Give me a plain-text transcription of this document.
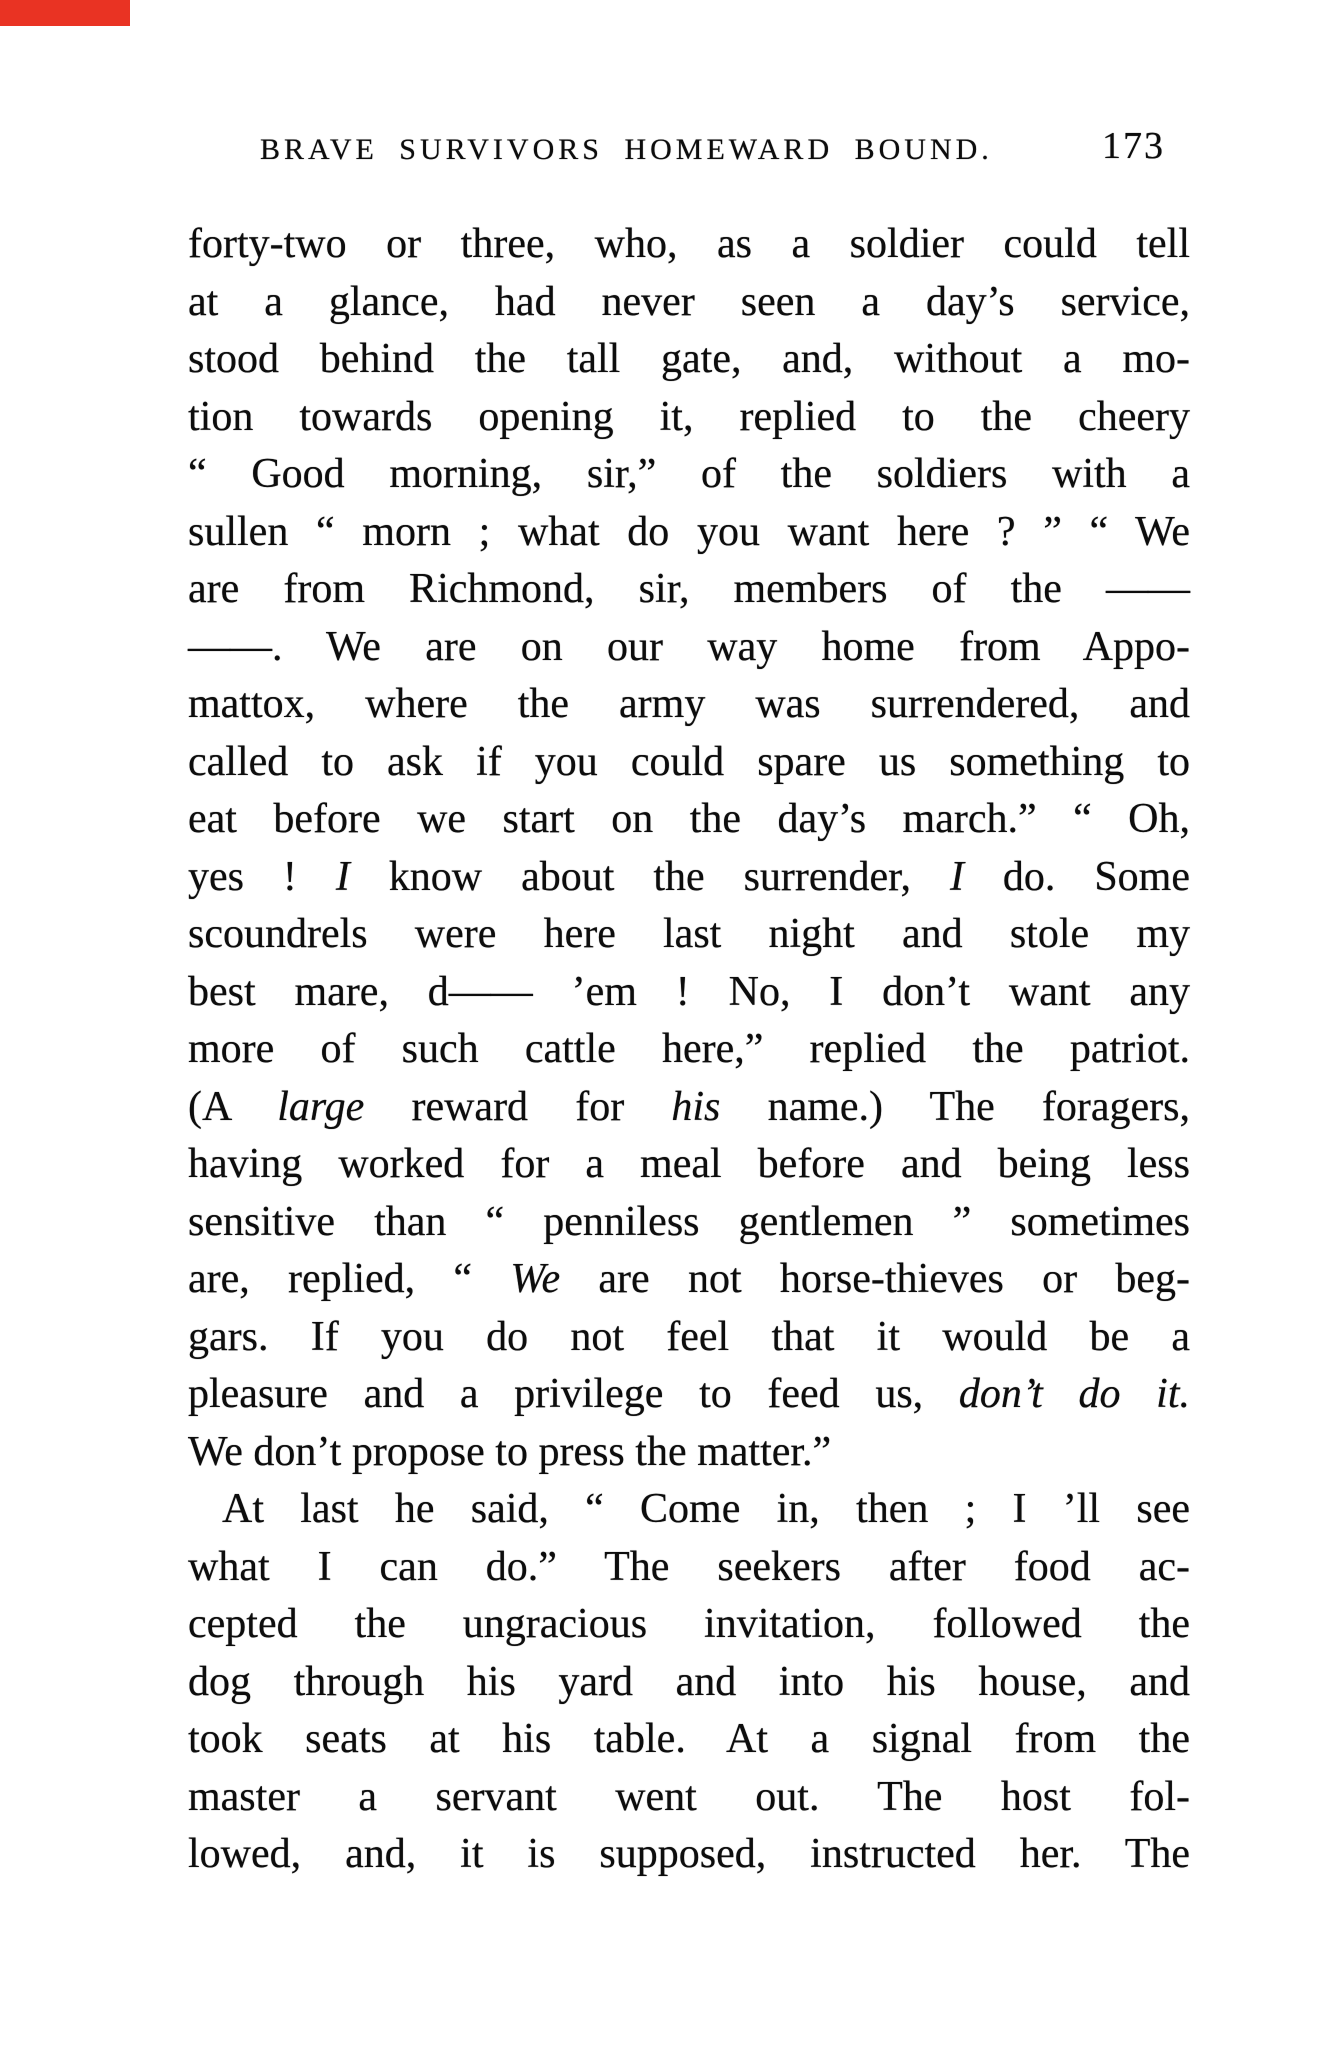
BRAVE SURVIVORS HOMEWARD BOUND.	173
forty-two or three, who, as a soldier could tell
at a glance, had never seen a day’s service,
stood behind the tall gate, and, without a mo-
tion towards opening it, replied to the cheery
“ Good morning, sir,” of the soldiers with a
sullen “ morn ; what do you want here ? ” “ We
are from Richmond, sir, members of the ——
——. We are on our way home from Appo-
mattox, where the army was surrendered, and
called to ask if you could spare us something to
eat before we start on the day’s march.” “ Oh,
yes ! I know about the surrender, I do. Some
scoundrels were here last night and stole my
best mare, d—— ’em ! No, I don’t want any
more of such cattle here,” replied the patriot.
(A large reward for his name.) The foragers,
having worked for a meal before and being less
sensitive than “ penniless gentlemen ” sometimes
are, replied, “ We are not horse-thieves or beg-
gars. If you do not feel that it would be a
pleasure and a privilege to feed us, don’t do it.
We don’t propose to press the matter.”
At last he said, “ Come in, then ; I ’ll see
what I can do.” The seekers after food ac-
cepted the ungracious invitation, followed the
dog through his yard and into his house, and
took seats at his table. At a signal from the
master a servant went out. The host fol-
lowed, and, it is supposed, instructed her. The
